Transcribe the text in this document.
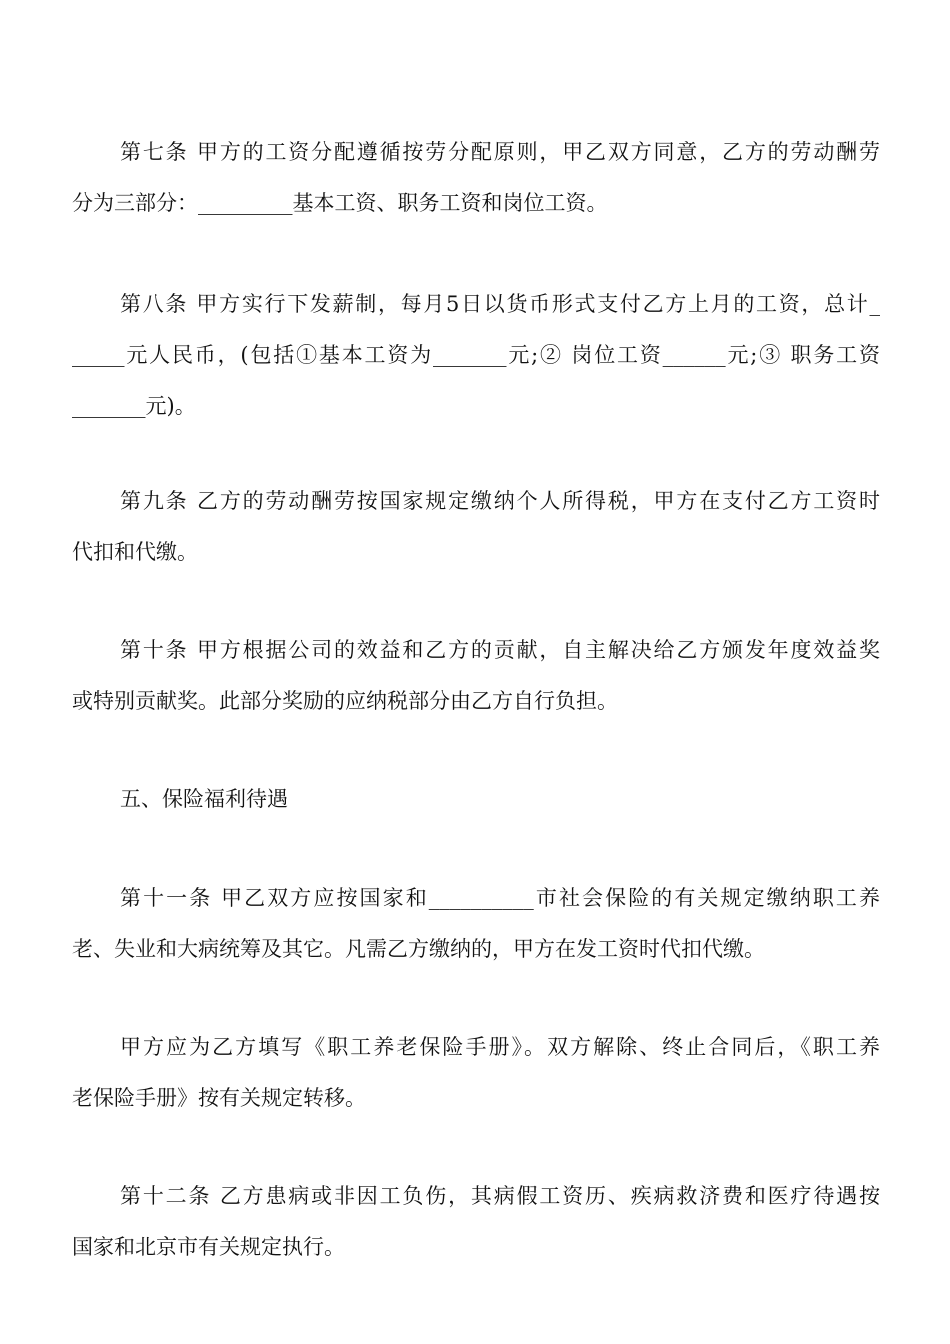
第七条 甲方的工资分配遵循按劳分配原则，甲乙双方同意，乙方的劳动酬劳
分为三部分：_________基本工资、职务工资和岗位工资。
第八条 甲方实行下发薪制，每月5日以货币形式支付乙方上月的工资，总计_
_____元人民币，(包括①基本工资为_______元;② 岗位工资______元;③ 职务工资
_______元)。
第九条 乙方的劳动酬劳按国家规定缴纳个人所得税，甲方在支付乙方工资时
代扣和代缴。
第十条 甲方根据公司的效益和乙方的贡献，自主解决给乙方颁发年度效益奖
或特别贡献奖。此部分奖励的应纳税部分由乙方自行负担。
五、保险福利待遇
第十一条 甲乙双方应按国家和__________市社会保险的有关规定缴纳职工养
老、失业和大病统筹及其它。凡需乙方缴纳的，甲方在发工资时代扣代缴。
甲方应为乙方填写《职工养老保险手册》。双方解除、终止合同后，《职工养
老保险手册》按有关规定转移。
第十二条 乙方患病或非因工负伤，其病假工资历、疾病救济费和医疗待遇按
国家和北京市有关规定执行。
